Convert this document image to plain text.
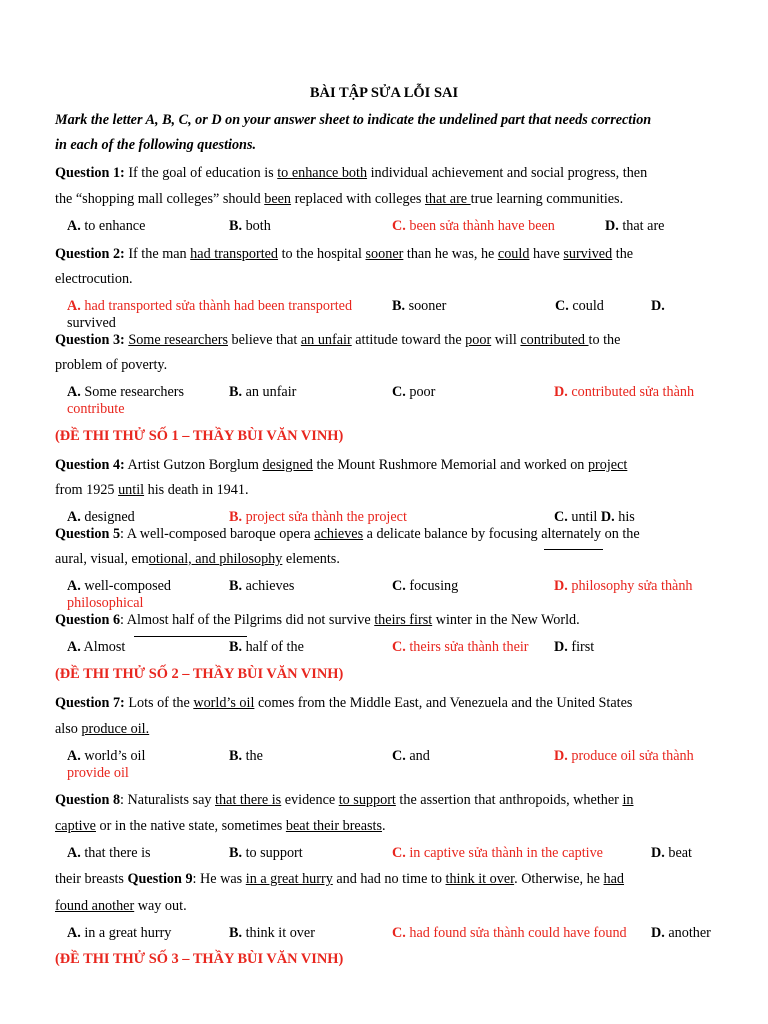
BÀI TẬP SỬA LỖI SAI
Mark the letter A, B, C, or D on your answer sheet to indicate the undelined part that needs correction
in each of the following questions.
Question 1: If the goal of education is to enhance both individual achievement and social progress, then
the “shopping mall colleges” should been replaced with colleges that are true learning communities.
A. to enhance	B. both	C. been sửa thành have been	D. that are
Question 2: If the man had transported to the hospital sooner than he was, he could have survived the
electrocution.
A. had transported sửa thành had been transported	B. sooner	C. could	D.
survived
Question 3: Some researchers believe that an unfair attitude toward the poor will contributed to the
problem of poverty.
A. Some researchers	B. an unfair	C. poor	D. contributed sửa thành
contribute
(ĐỀ THI THỬ SỐ 1 – THẦY BÙI VĂN VINH)
Question 4: Artist Gutzon Borglum designed the Mount Rushmore Memorial and worked on project
from 1925 until his death in 1941.
A. designed	B. project sửa thành the project	C. until D. his
Question 5: A well-composed baroque opera achieves a delicate balance by focusing alternately on the
aural, visual, emotional, and philosophy elements.
A. well-composed	B. achieves	C. focusing	D. philosophy sửa thành
philosophical
Question 6: Almost half of the Pilgrims did not survive theirs first winter in the New World.
A. Almost	B. half of the	C. theirs sửa thành their D. first
(ĐỀ THI THỬ SỐ 2 – THẦY BÙI VĂN VINH)
Question 7: Lots of the world’s oil comes from the Middle East, and Venezuela and the United States
also produce oil.
A. world’s oil	B. the	C. and	D. produce oil sửa thành
provide oil
Question 8: Naturalists say that there is evidence to support the assertion that anthropoids, whether in
captive or in the native state, sometimes beat their breasts.
A. that there is	B. to support	C. in captive sửa thành in the captive	D. beat
their breasts Question 9: He was in a great hurry and had no time to think it over. Otherwise, he had
found another way out.
A. in a great hurry	B. think it over	C. had found sửa thành could have found D. another
(ĐỀ THI THỬ SỐ 3 – THẦY BÙI VĂN VINH)
